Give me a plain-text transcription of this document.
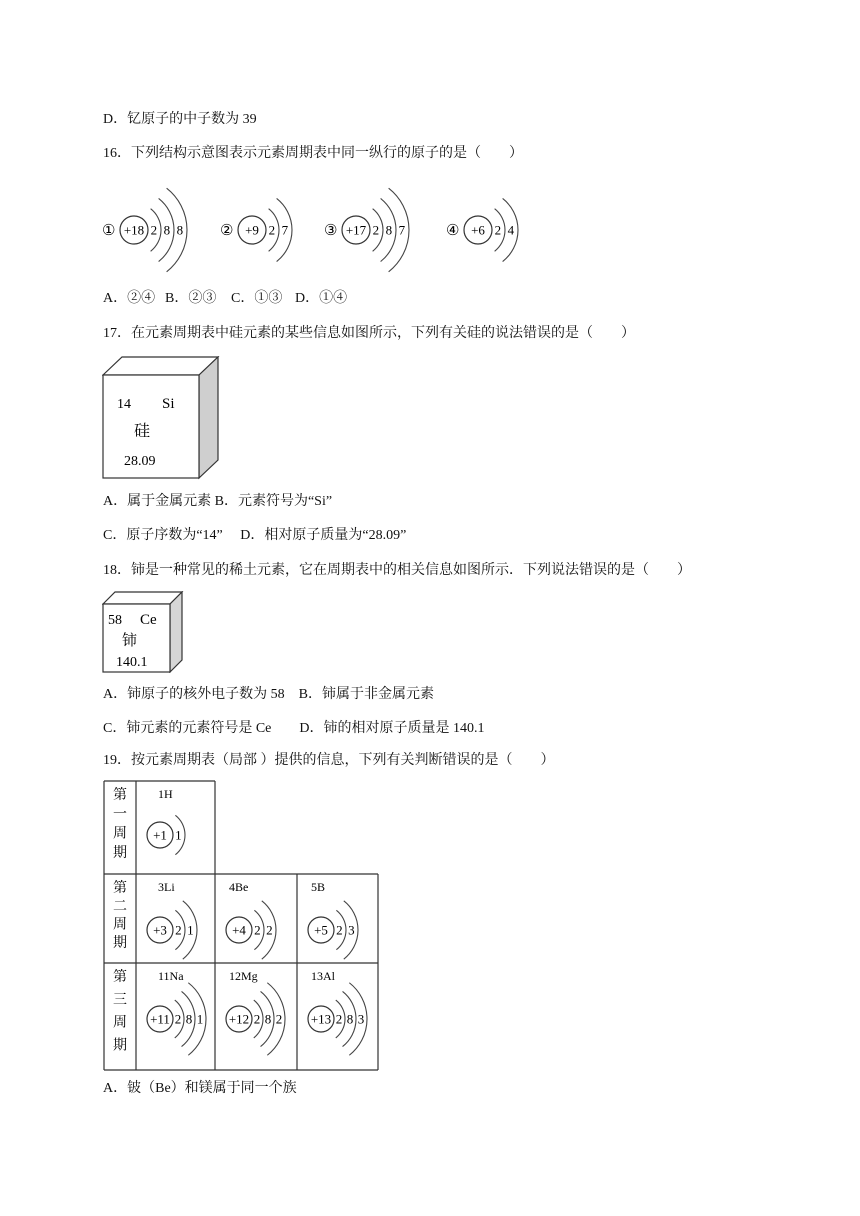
D．钇原子的中子数为 39
16．下列结构示意图表示元素周期表中同一纵行的原子的是（　　）
① +18 2 8 8 ② +9 2 7 ③ +17 2 8 7	④ +6 2 4
A．②④ B．②③ C．①③ D．①④
17．在元素周期表中硅元素的某些信息如图所示，下列有关硅的说法错误的是（　　）
14 Si
硅
28.09
A．属于金属元素 B．元素符号为“Si”
C．原子序数为“14”　 D．相对原子质量为“28.09”
18．铈是一种常见的稀土元素，它在周期表中的相关信息如图所示．下列说法错误的是（　　）
58 Ce
铈
140.1
A．铈原子的核外电子数为 58　B．铈属于非金属元素
C．铈元素的元素符号是 Ce　　D．铈的相对原子质量是 140.1
19．按元素周期表（局部 ）提供的信息，下列有关判断错误的是（　　）
第
一
周
期
1H
+1 1
第
二
周
期
3Li
+3 2 1
4Be
+4 2 2
5B
+5 2 3
第
三
周
期
11Na
+11 2 8 1
12Mg
+12 2 8 2
13Al
+13 2 8 3
A．铍（Be）和镁属于同一个族
